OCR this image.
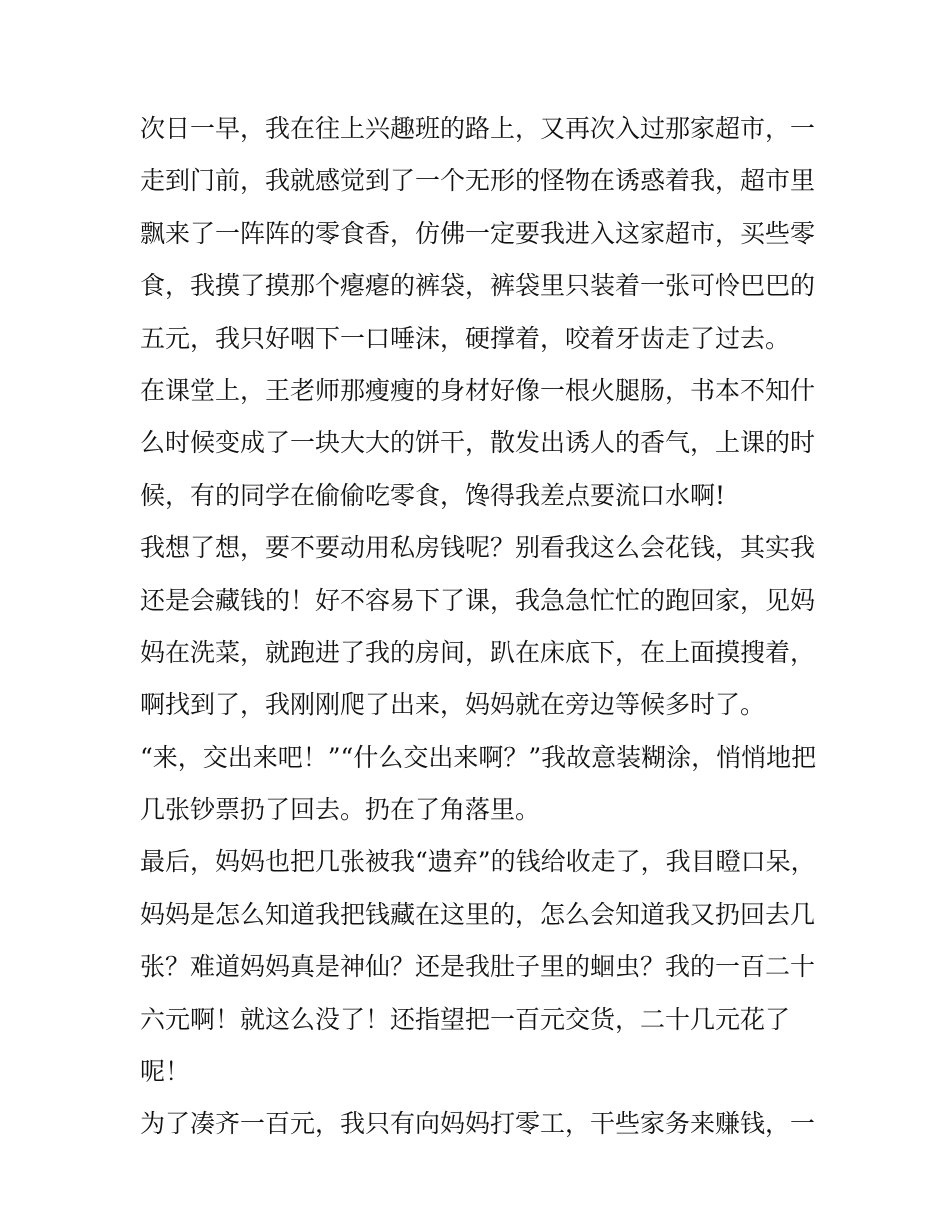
次日一早，我在往上兴趣班的路上，又再次入过那家超市，一
走到门前，我就感觉到了一个无形的怪物在诱惑着我，超市里
飘来了一阵阵的零食香，仿佛一定要我进入这家超市，买些零
食，我摸了摸那个瘪瘪的裤袋，裤袋里只装着一张可怜巴巴的
五元，我只好咽下一口唾沫，硬撑着，咬着牙齿走了过去。

在课堂上，王老师那瘦瘦的身材好像一根火腿肠，书本不知什
么时候变成了一块大大的饼干，散发出诱人的香气，上课的时
候，有的同学在偷偷吃零食，馋得我差点要流口水啊!

我想了想，要不要动用私房钱呢？别看我这么会花钱，其实我
还是会藏钱的！好不容易下了课，我急急忙忙的跑回家，见妈
妈在洗菜，就跑进了我的房间，趴在床底下，在上面摸搜着，
啊找到了，我刚刚爬了出来，妈妈就在旁边等候多时了。

“来，交出来吧！”“什么交出来啊？”我故意装糊涂，悄悄地把
几张钞票扔了回去。扔在了角落里。

最后，妈妈也把几张被我“遗弃”的钱给收走了，我目瞪口呆，
妈妈是怎么知道我把钱藏在这里的，怎么会知道我又扔回去几
张？难道妈妈真是神仙？还是我肚子里的蛔虫？我的一百二十
六元啊！就这么没了！还指望把一百元交货，二十几元花了
呢！

为了凑齐一百元，我只有向妈妈打零工，干些家务来赚钱，一
